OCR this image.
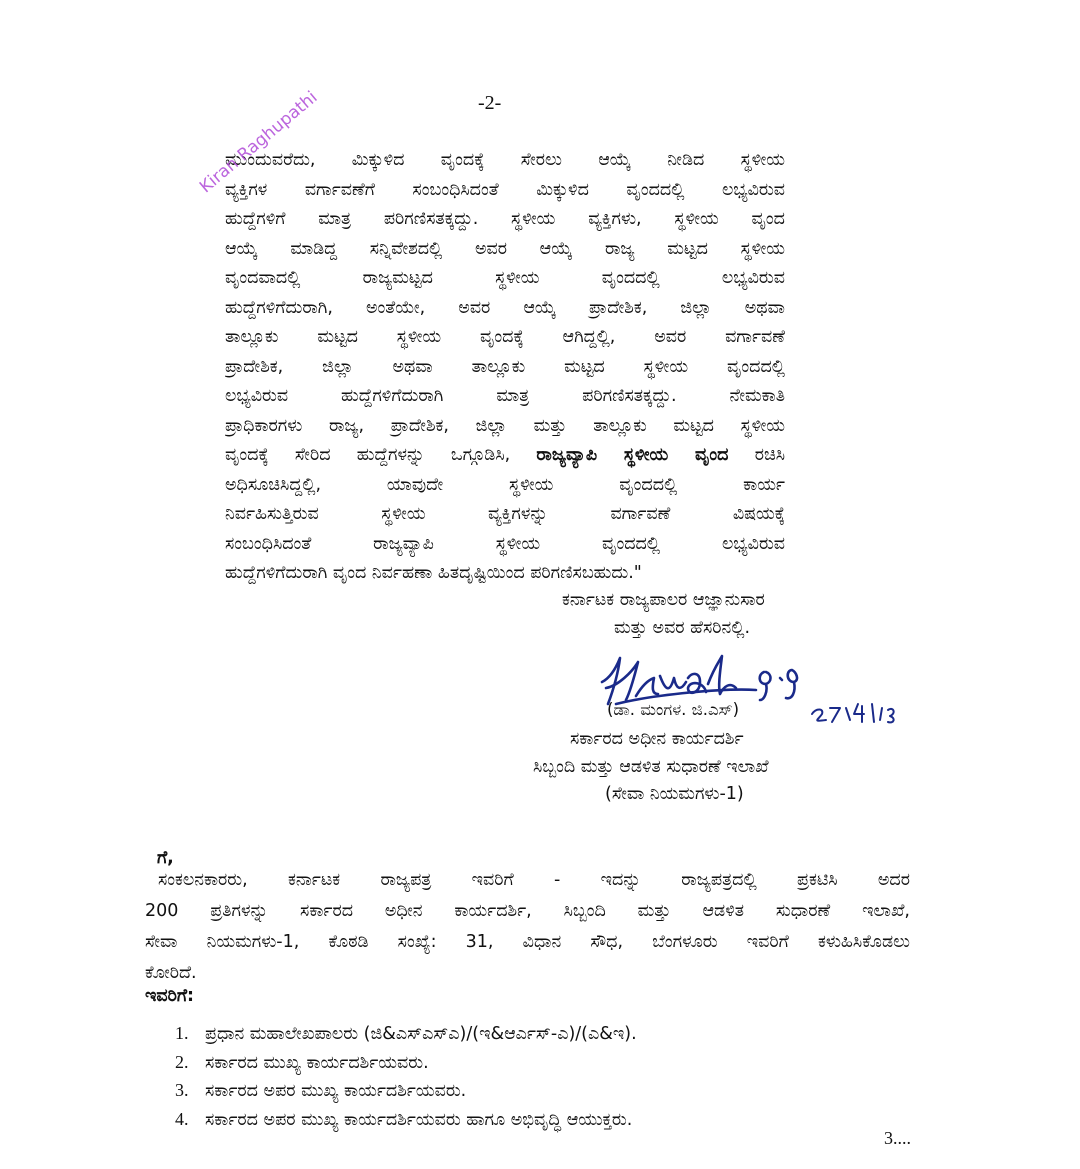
-2-
ಮುಂದುವರೆದು, ಮಿಕ್ಕುಳಿದ ವೃಂದಕ್ಕೆ ಸೇರಲು ಆಯ್ಕೆ ನೀಡಿದ ಸ್ಥಳೀಯ
ವ್ಯಕ್ತಿಗಳ ವರ್ಗಾವಣೆಗೆ ಸಂಬಂಧಿಸಿದಂತೆ ಮಿಕ್ಕುಳಿದ ವೃಂದದಲ್ಲಿ ಲಭ್ಯವಿರುವ
ಹುದ್ದೆಗಳಿಗೆ ಮಾತ್ರ ಪರಿಗಣಿಸತಕ್ಕದ್ದು. ಸ್ಥಳೀಯ ವ್ಯಕ್ತಿಗಳು, ಸ್ಥಳೀಯ ವೃಂದ
ಆಯ್ಕೆ ಮಾಡಿದ್ದ ಸನ್ನಿವೇಶದಲ್ಲಿ ಅವರ ಆಯ್ಕೆ ರಾಜ್ಯ ಮಟ್ಟದ ಸ್ಥಳೀಯ
ವೃಂದವಾದಲ್ಲಿ ರಾಜ್ಯಮಟ್ಟದ ಸ್ಥಳೀಯ ವೃಂದದಲ್ಲಿ ಲಭ್ಯವಿರುವ
ಹುದ್ದೆಗಳಿಗೆದುರಾಗಿ, ಅಂತೆಯೇ, ಅವರ ಆಯ್ಕೆ ಪ್ರಾದೇಶಿಕ, ಜಿಲ್ಲಾ ಅಥವಾ
ತಾಲ್ಲೂಕು ಮಟ್ಟದ ಸ್ಥಳೀಯ ವೃಂದಕ್ಕೆ ಆಗಿದ್ದಲ್ಲಿ, ಅವರ ವರ್ಗಾವಣೆ
ಪ್ರಾದೇಶಿಕ, ಜಿಲ್ಲಾ ಅಥವಾ ತಾಲ್ಲೂಕು ಮಟ್ಟದ ಸ್ಥಳೀಯ ವೃಂದದಲ್ಲಿ
ಲಭ್ಯವಿರುವ ಹುದ್ದೆಗಳಿಗೆದುರಾಗಿ ಮಾತ್ರ ಪರಿಗಣಿಸತಕ್ಕದ್ದು. ನೇಮಕಾತಿ
ಪ್ರಾಧಿಕಾರಗಳು ರಾಜ್ಯ, ಪ್ರಾದೇಶಿಕ, ಜಿಲ್ಲಾ ಮತ್ತು ತಾಲ್ಲೂಕು ಮಟ್ಟದ ಸ್ಥಳೀಯ
ವೃಂದಕ್ಕೆ ಸೇರಿದ ಹುದ್ದೆಗಳನ್ನು ಒಗ್ಗೂಡಿಸಿ, ರಾಜ್ಯವ್ಯಾಪಿ ಸ್ಥಳೀಯ ವೃಂದ ರಚಿಸಿ
ಅಧಿಸೂಚಿಸಿದ್ದಲ್ಲಿ, ಯಾವುದೇ ಸ್ಥಳೀಯ ವೃಂದದಲ್ಲಿ ಕಾರ್ಯ
ನಿರ್ವಹಿಸುತ್ತಿರುವ ಸ್ಥಳೀಯ ವ್ಯಕ್ತಿಗಳನ್ನು ವರ್ಗಾವಣೆ ವಿಷಯಕ್ಕೆ
ಸಂಬಂಧಿಸಿದಂತೆ ರಾಜ್ಯವ್ಯಾಪಿ ಸ್ಥಳೀಯ ವೃಂದದಲ್ಲಿ ಲಭ್ಯವಿರುವ
ಹುದ್ದೆಗಳಿಗೆದುರಾಗಿ ವೃಂದ ನಿರ್ವಹಣಾ ಹಿತದೃಷ್ಟಿಯಿಂದ ಪರಿಗಣಿಸಬಹುದು."
Kiran Raghupathi
ಕರ್ನಾಟಕ ರಾಜ್ಯಪಾಲರ ಆಜ್ಞಾನುಸಾರ
ಮತ್ತು ಅವರ ಹೆಸರಿನಲ್ಲಿ.
(ಡಾ. ಮಂಗಳ. ಜಿ.ಎಸ್)
ಸರ್ಕಾರದ ಅಧೀನ ಕಾರ್ಯದರ್ಶಿ
ಸಿಬ್ಬಂದಿ ಮತ್ತು ಆಡಳಿತ ಸುಧಾರಣೆ ಇಲಾಖೆ
(ಸೇವಾ ನಿಯಮಗಳು-1)
ಗೆ,
ಸಂಕಲನಕಾರರು, ಕರ್ನಾಟಕ ರಾಜ್ಯಪತ್ರ ಇವರಿಗೆ - ಇದನ್ನು ರಾಜ್ಯಪತ್ರದಲ್ಲಿ ಪ್ರಕಟಿಸಿ ಅದರ
200 ಪ್ರತಿಗಳನ್ನು ಸರ್ಕಾರದ ಅಧೀನ ಕಾರ್ಯದರ್ಶಿ, ಸಿಬ್ಬಂದಿ ಮತ್ತು ಆಡಳಿತ ಸುಧಾರಣೆ ಇಲಾಖೆ,
ಸೇವಾ ನಿಯಮಗಳು-1, ಕೊಠಡಿ ಸಂಖ್ಯೆ: 31, ವಿಧಾನ ಸೌಧ, ಬೆಂಗಳೂರು ಇವರಿಗೆ ಕಳುಹಿಸಿಕೊಡಲು
ಕೋರಿದೆ.
ಇವರಿಗೆ:
1. ಪ್ರಧಾನ ಮಹಾಲೇಖಪಾಲರು (ಜಿ&ಎಸ್ಎಸ್ಎ)/(ಇ&ಆರ್ಎಸ್-ಎ)/(ಎ&ಇ).
2. ಸರ್ಕಾರದ ಮುಖ್ಯ ಕಾರ್ಯದರ್ಶಿಯವರು.
3. ಸರ್ಕಾರದ ಅಪರ ಮುಖ್ಯ ಕಾರ್ಯದರ್ಶಿಯವರು.
4. ಸರ್ಕಾರದ ಅಪರ ಮುಖ್ಯ ಕಾರ್ಯದರ್ಶಿಯವರು ಹಾಗೂ ಅಭಿವೃದ್ಧಿ ಆಯುಕ್ತರು.
3....
